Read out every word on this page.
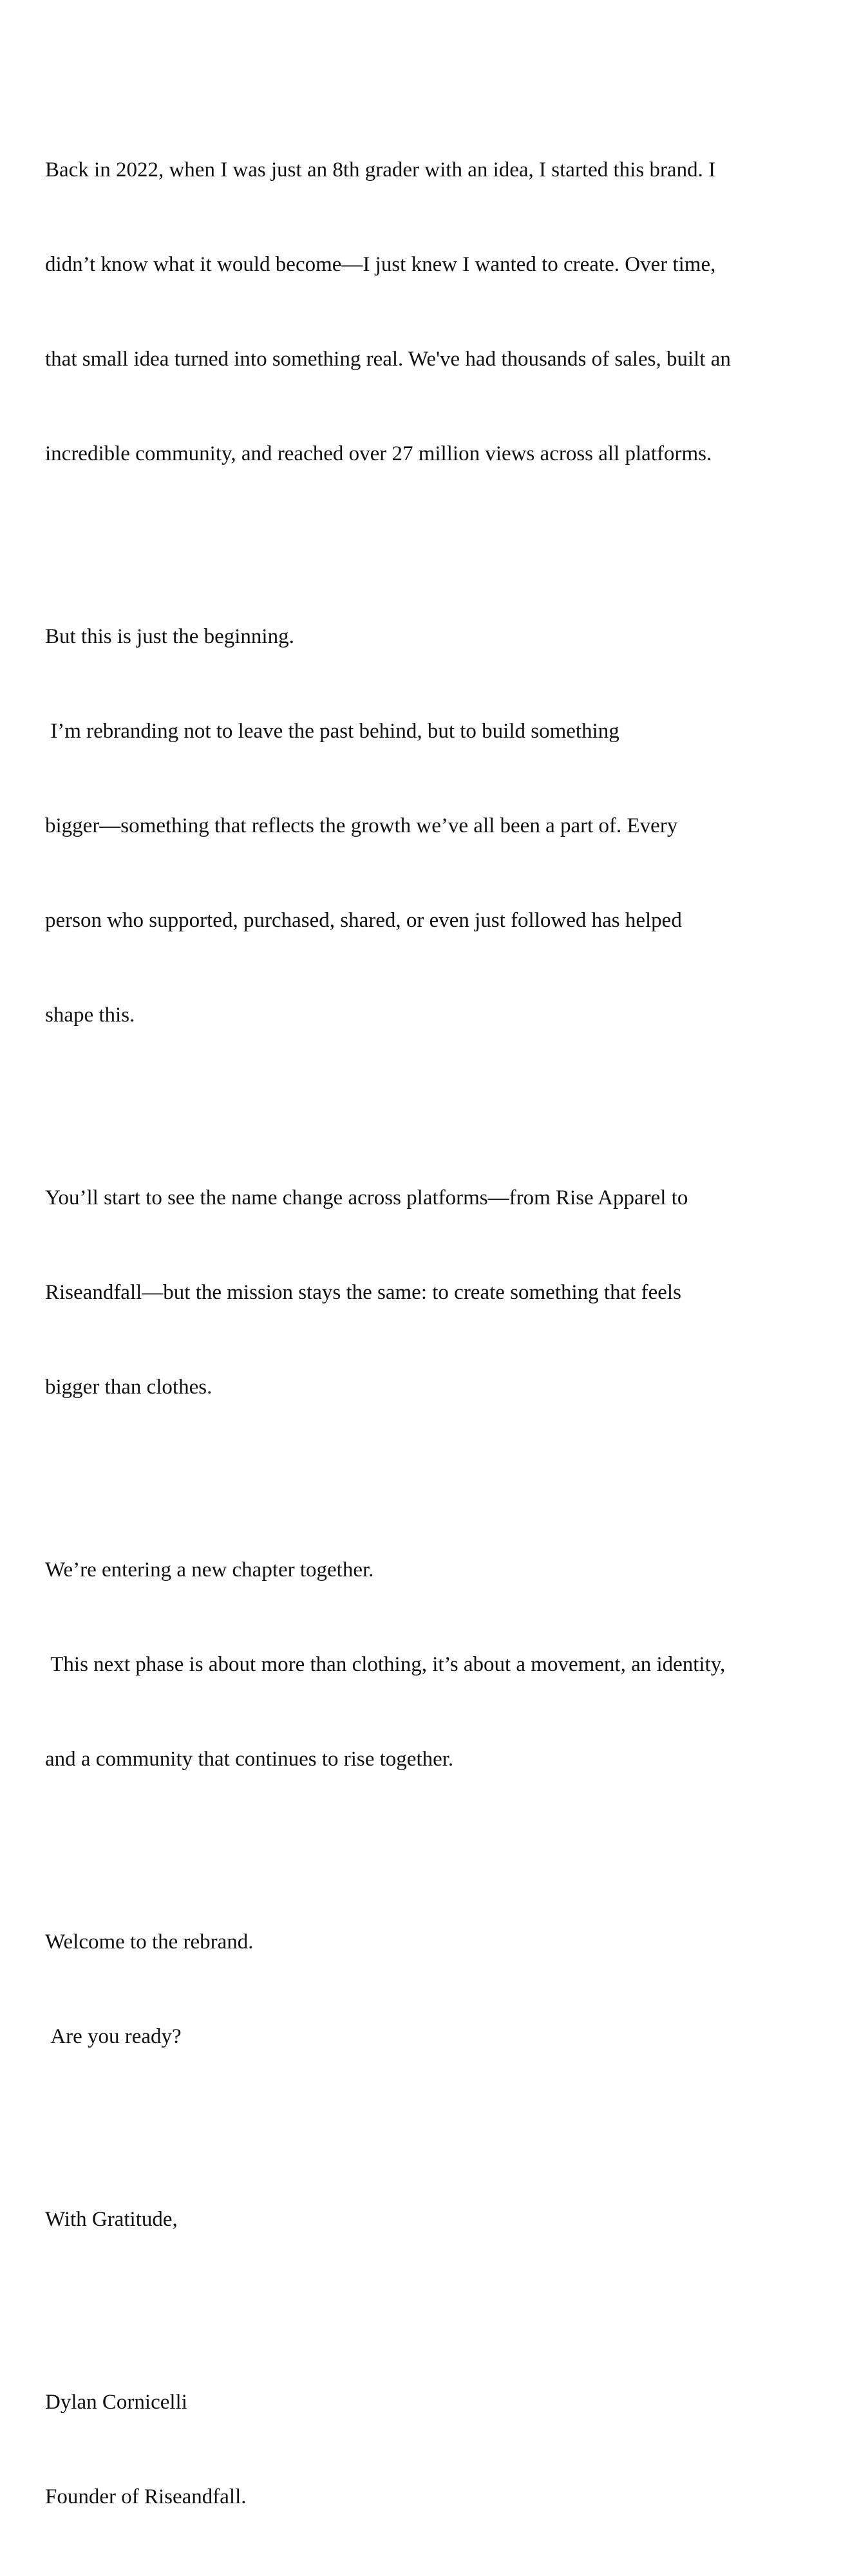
Back in 2022, when I was just an 8th grader with an idea, I started this brand. I

didn’t know what it would become—I just knew I wanted to create. Over time,

that small idea turned into something real. We've had thousands of sales, built an

incredible community, and reached over 27 million views across all platforms.

But this is just the beginning.

I’m rebranding not to leave the past behind, but to build something

bigger—something that reflects the growth we’ve all been a part of. Every

person who supported, purchased, shared, or even just followed has helped

shape this.

You’ll start to see the name change across platforms—from Rise Apparel to

Riseandfall—but the mission stays the same: to create something that feels

bigger than clothes.

We’re entering a new chapter together.

This next phase is about more than clothing, it’s about a movement, an identity,

and a community that continues to rise together.

Welcome to the rebrand.

Are you ready?

With Gratitude,

Dylan Cornicelli

Founder of Riseandfall.
